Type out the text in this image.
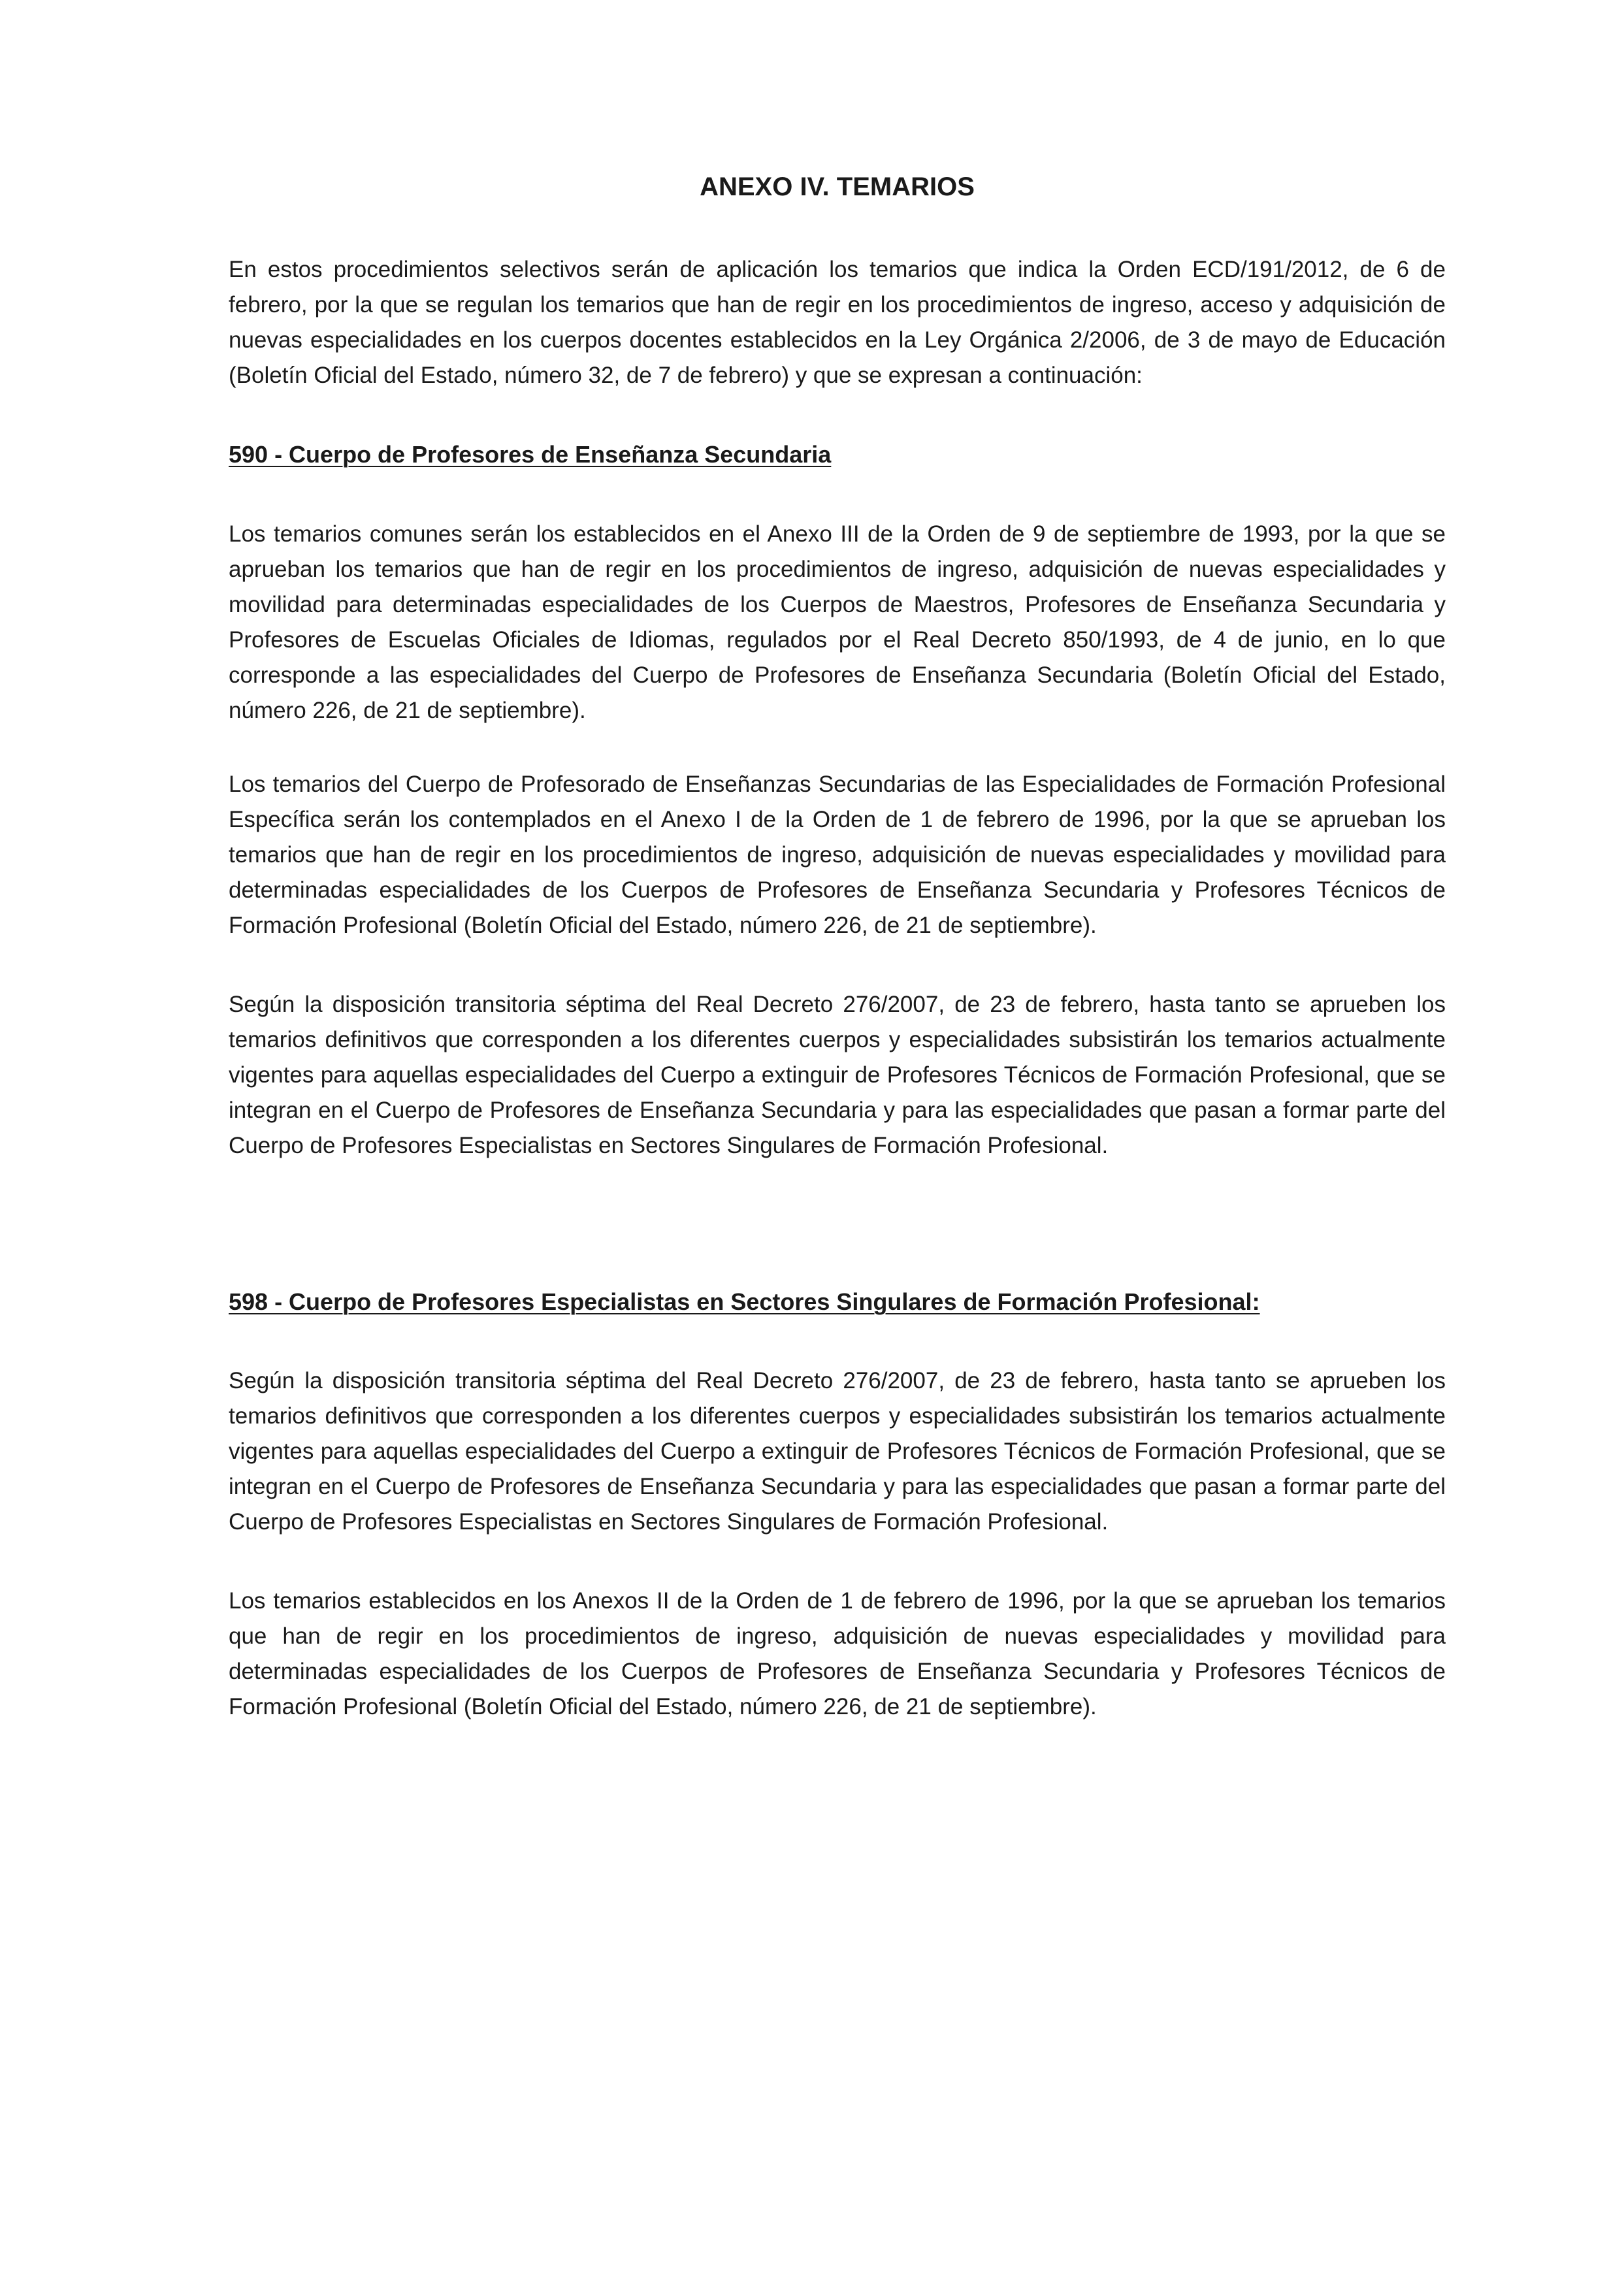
ANEXO IV. TEMARIOS

En estos procedimientos selectivos serán de aplicación los temarios que indica la Orden ECD/191/2012, de 6 de febrero, por la que se regulan los temarios que han de regir en los procedimientos de ingreso, acceso y adquisición de nuevas especialidades en los cuerpos docentes establecidos en la Ley Orgánica 2/2006, de 3 de mayo de Educación (Boletín Oficial del Estado, número 32, de 7 de febrero) y que se expresan a continuación:

590 - Cuerpo de Profesores de Enseñanza Secundaria

Los temarios comunes serán los establecidos en el Anexo III de la Orden de 9 de septiembre de 1993, por la que se aprueban los temarios que han de regir en los procedimientos de ingreso, adquisición de nuevas especialidades y movilidad para determinadas especialidades de los Cuerpos de Maestros, Profesores de Enseñanza Secundaria y Profesores de Escuelas Oficiales de Idiomas, regulados por el Real Decreto 850/1993, de 4 de junio, en lo que corresponde a las especialidades del Cuerpo de Profesores de Enseñanza Secundaria (Boletín Oficial del Estado, número 226, de 21 de septiembre).

Los temarios del Cuerpo de Profesorado de Enseñanzas Secundarias de las Especialidades de Formación Profesional Específica serán los contemplados en el Anexo I de la Orden de 1 de febrero de 1996, por la que se aprueban los temarios que han de regir en los procedimientos de ingreso, adquisición de nuevas especialidades y movilidad para determinadas especialidades de los Cuerpos de Profesores de Enseñanza Secundaria y Profesores Técnicos de Formación Profesional (Boletín Oficial del Estado, número 226, de 21 de septiembre).

Según la disposición transitoria séptima del Real Decreto 276/2007, de 23 de febrero, hasta tanto se aprueben los temarios definitivos que corresponden a los diferentes cuerpos y especialidades subsistirán los temarios actualmente vigentes para aquellas especialidades del Cuerpo a extinguir de Profesores Técnicos de Formación Profesional, que se integran en el Cuerpo de Profesores de Enseñanza Secundaria y para las especialidades que pasan a formar parte del Cuerpo de Profesores Especialistas en Sectores Singulares de Formación Profesional.

598 - Cuerpo de Profesores Especialistas en Sectores Singulares de Formación Profesional:

Según la disposición transitoria séptima del Real Decreto 276/2007, de 23 de febrero, hasta tanto se aprueben los temarios definitivos que corresponden a los diferentes cuerpos y especialidades subsistirán los temarios actualmente vigentes para aquellas especialidades del Cuerpo a extinguir de Profesores Técnicos de Formación Profesional, que se integran en el Cuerpo de Profesores de Enseñanza Secundaria y para las especialidades que pasan a formar parte del Cuerpo de Profesores Especialistas en Sectores Singulares de Formación Profesional.

Los temarios establecidos en los Anexos II de la Orden de 1 de febrero de 1996, por la que se aprueban los temarios que han de regir en los procedimientos de ingreso, adquisición de nuevas especialidades y movilidad para determinadas especialidades de los Cuerpos de Profesores de Enseñanza Secundaria y Profesores Técnicos de Formación Profesional (Boletín Oficial del Estado, número 226, de 21 de septiembre).
